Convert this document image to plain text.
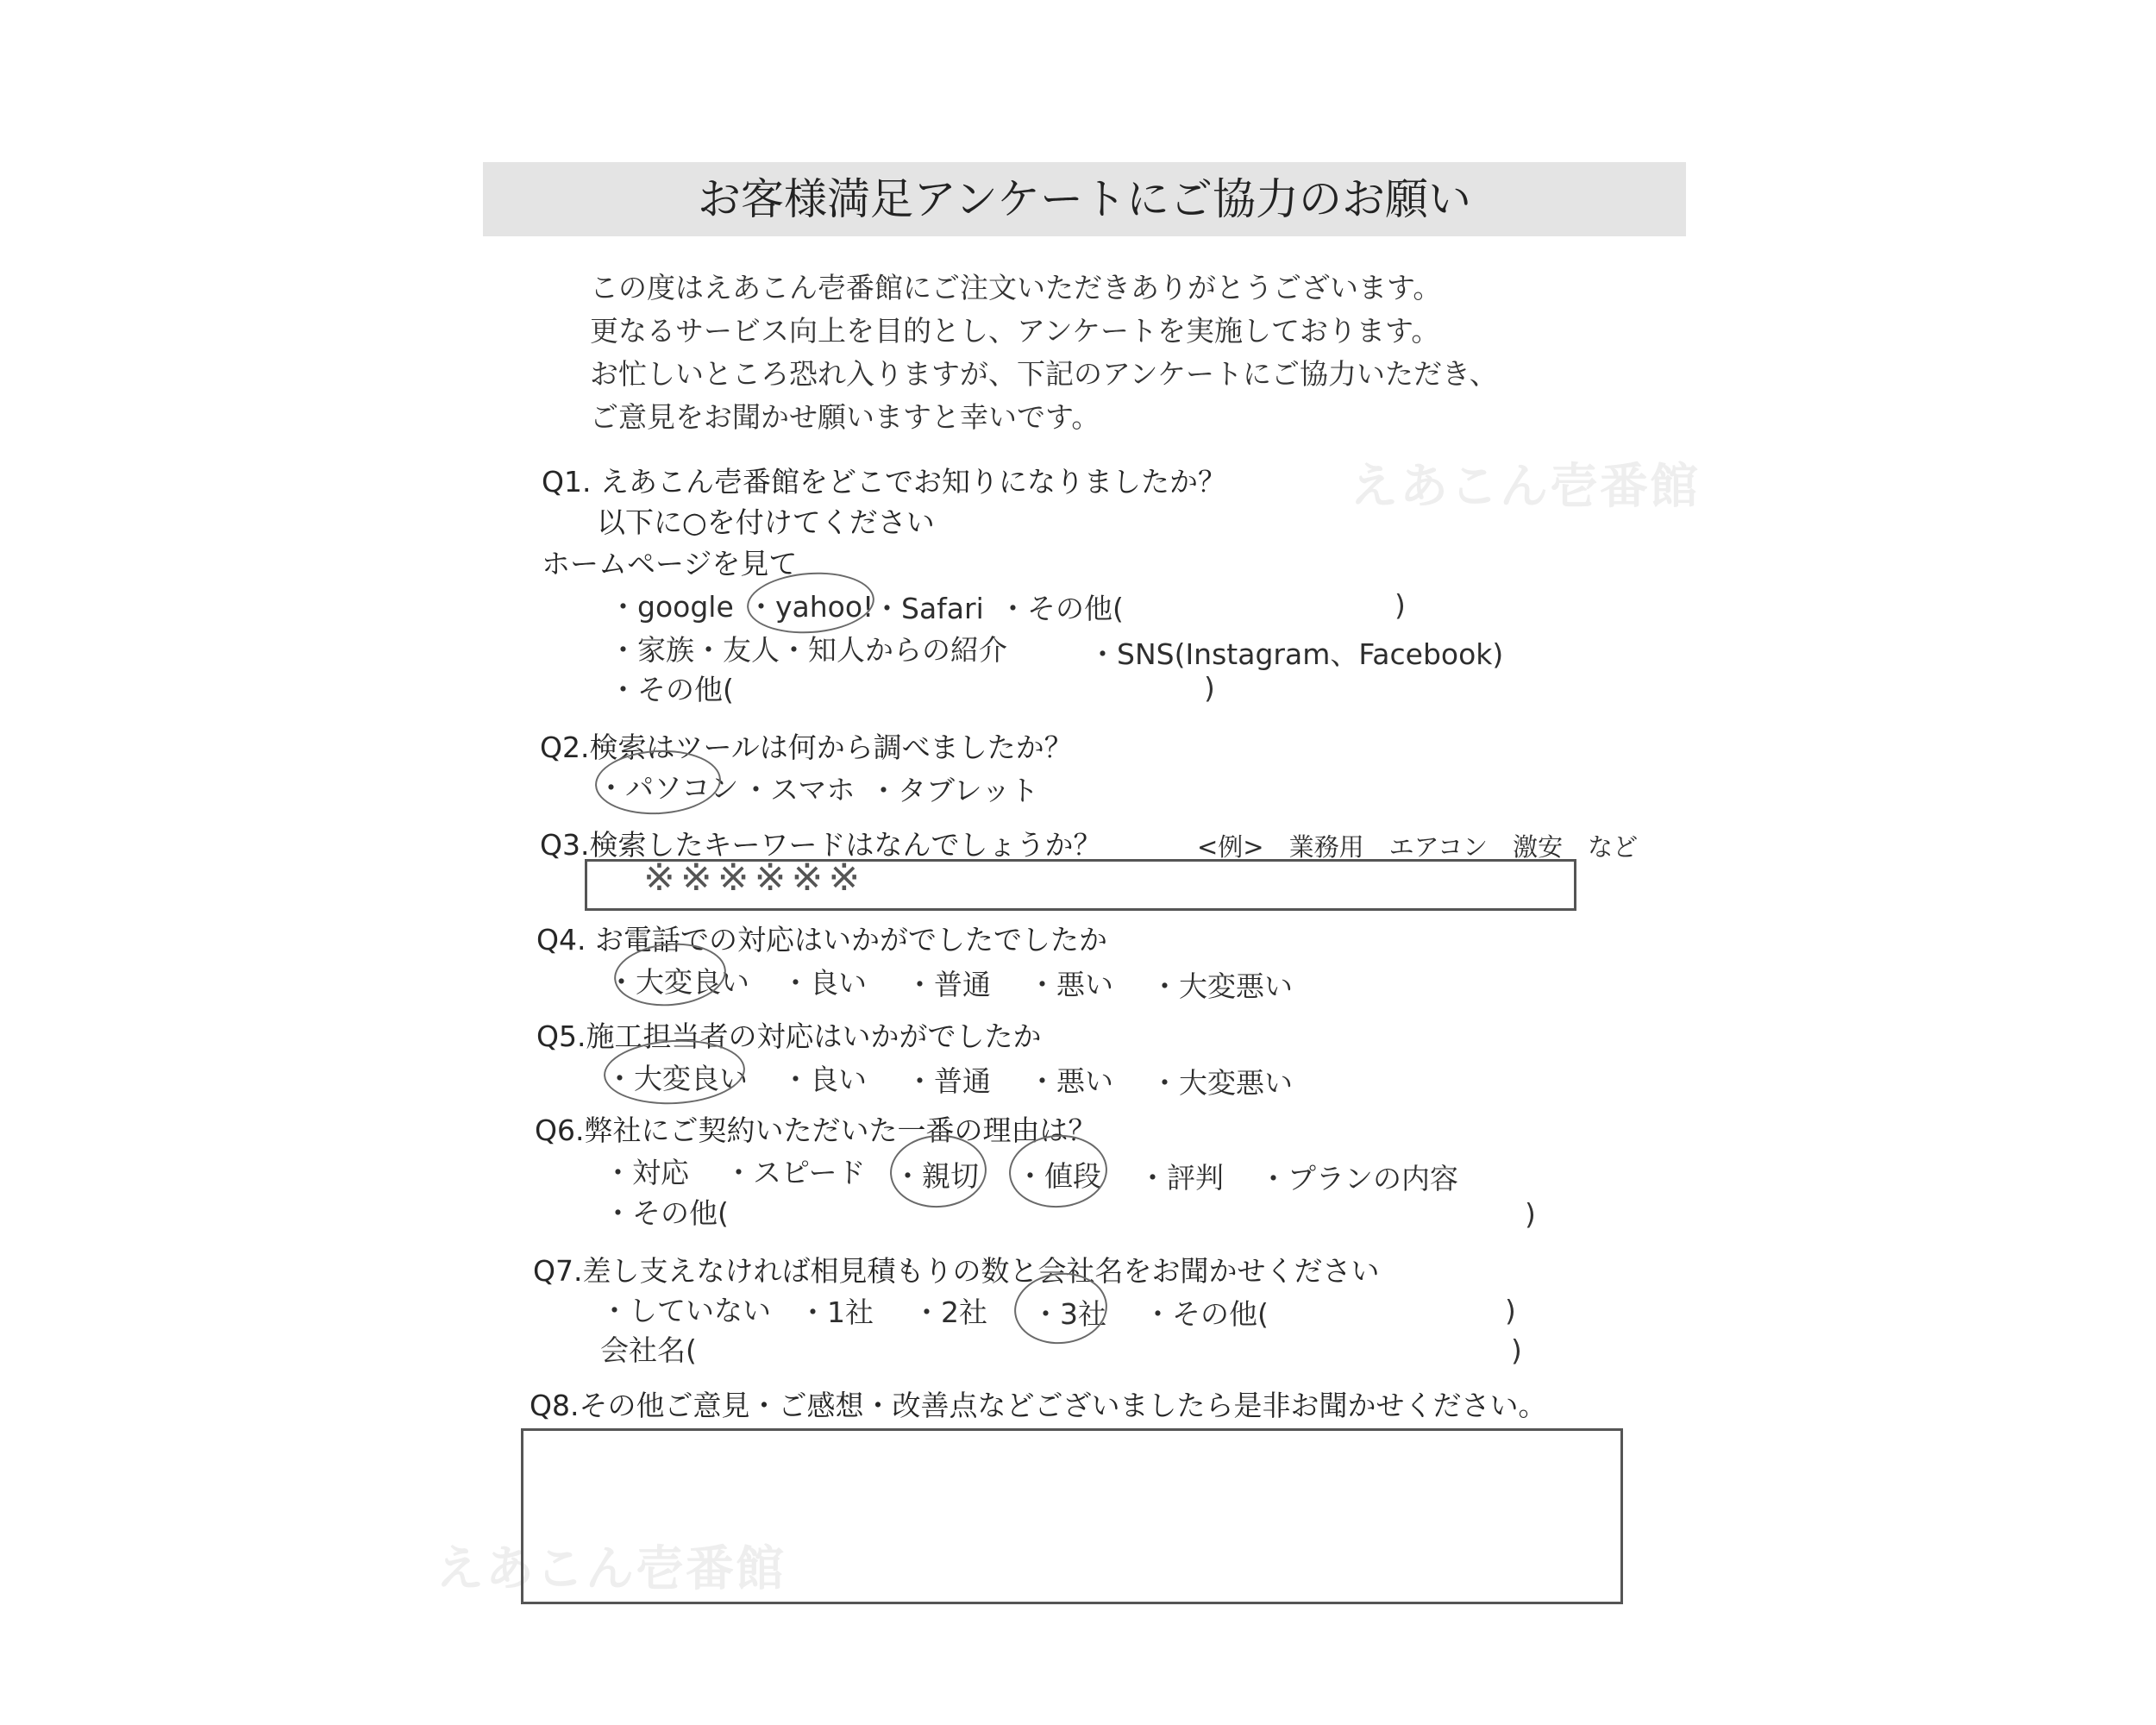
えあこん壱番館
えあこん壱番館
お客様満足アンケートにご協力のお願い
この度はえあこん壱番館にご注文いただきありがとうございます。
更なるサービス向上を目的とし、アンケートを実施しております。
お忙しいところ恐れ入りますが、下記のアンケートにご協力いただき、
ご意見をお聞かせ願いますと幸いです。
Q1. えあこん壱番館をどこでお知りになりましたか？
以下に○を付けてください
ホームページを見て
・google ・yahoo!
・Safari ・その他(	)
・家族・友人・知人からの紹介	・SNS(Instagram、Facebook)
・その他(	)
Q2.検索はツールは何から調べましたか？
・パソコン ・スマホ ・タブレット
Q3.検索したキーワードはなんでしょうか？	<例>　業務用　エアコン　激安　など
※※※※※※
Q4. お電話での対応はいかがでしたでしたか
・大変良い ・良い ・普通 ・悪い ・大変悪い
Q5.施工担当者の対応はいかがでしたか
・大変良い ・良い ・普通 ・悪い ・大変悪い
Q6.弊社にご契約いただいた一番の理由は？
・対応 ・スピード ・親切 ・値段 ・評判 ・プランの内容
・その他(	)
Q7.差し支えなければ相見積もりの数と会社名をお聞かせください
・していない ・1社 ・2社 ・3社 ・その他(	)
会社名(	)
Q8.その他ご意見・ご感想・改善点などございましたら是非お聞かせください。
